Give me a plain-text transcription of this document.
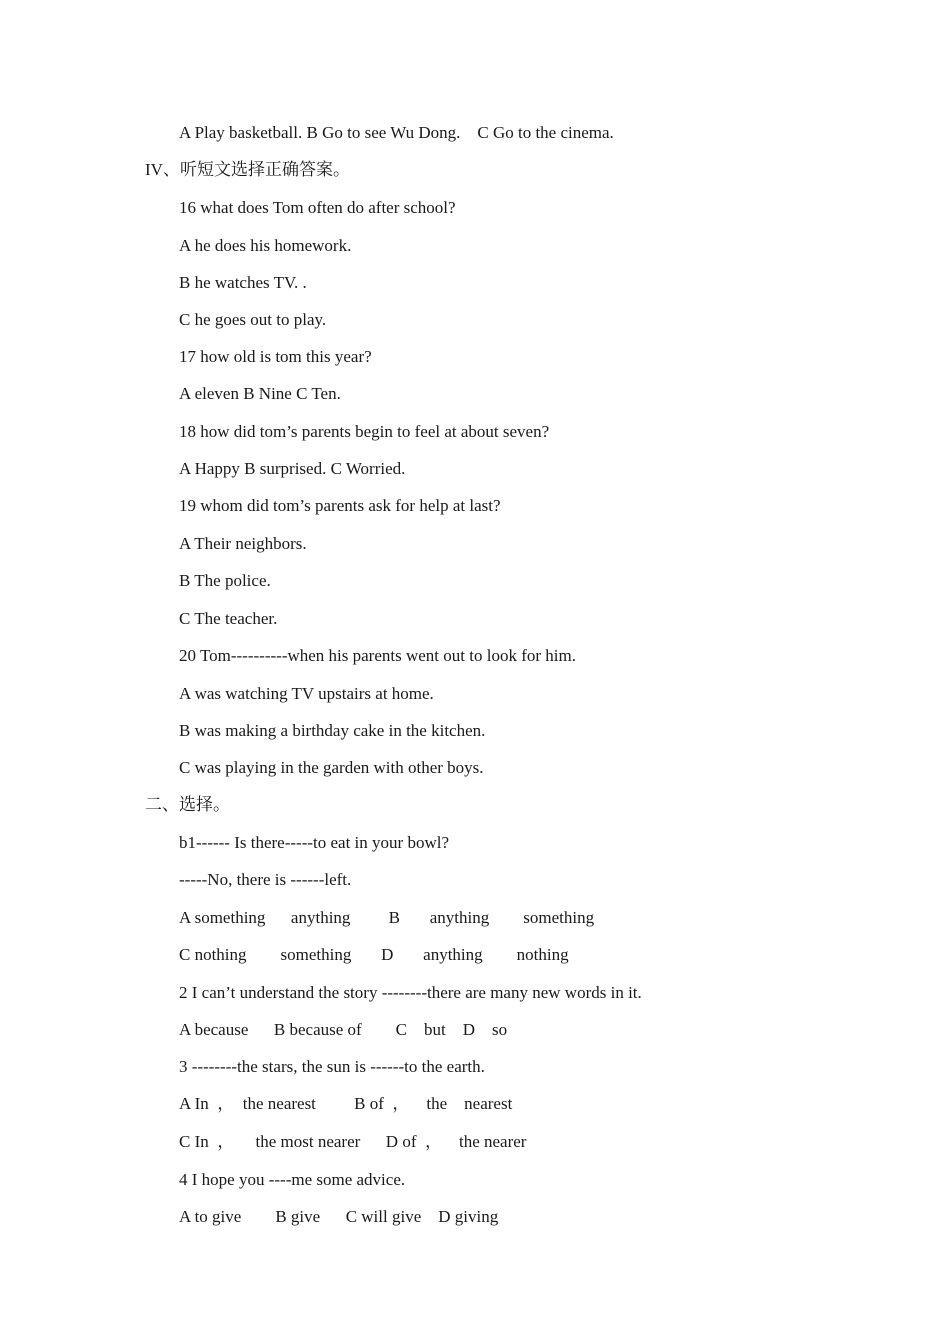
A Play basketball. B Go to see Wu Dong.    C Go to the cinema.
IV、听短文选择正确答案。
16 what does Tom often do after school?
A he does his homework.
B he watches TV. .
C he goes out to play.
17 how old is tom this year?
A eleven B Nine C Ten.
18 how did tom’s parents begin to feel at about seven?
A Happy B surprised. C Worried.
19 whom did tom’s parents ask for help at last?
A Their neighbors.
B The police.
C The teacher.
20 Tom----------when his parents went out to look for him.
A was watching TV upstairs at home.
B was making a birthday cake in the kitchen.
C was playing in the garden with other boys.
二、选择。
b1------ Is there-----to eat in your bowl?
-----No, there is ------left.
A something      anything         B       anything        something
C nothing        something       D       anything        nothing
2 I can’t understand the story --------there are many new words in it.
A because      B because of        C    but    D    so
3 --------the stars, the sun is ------to the earth.
A In  ，  the nearest         B of  ，    the    nearest
C In  ，     the most nearer      D of  ，    the nearer
4 I hope you ----me some advice.
A to give        B give      C will give    D giving
